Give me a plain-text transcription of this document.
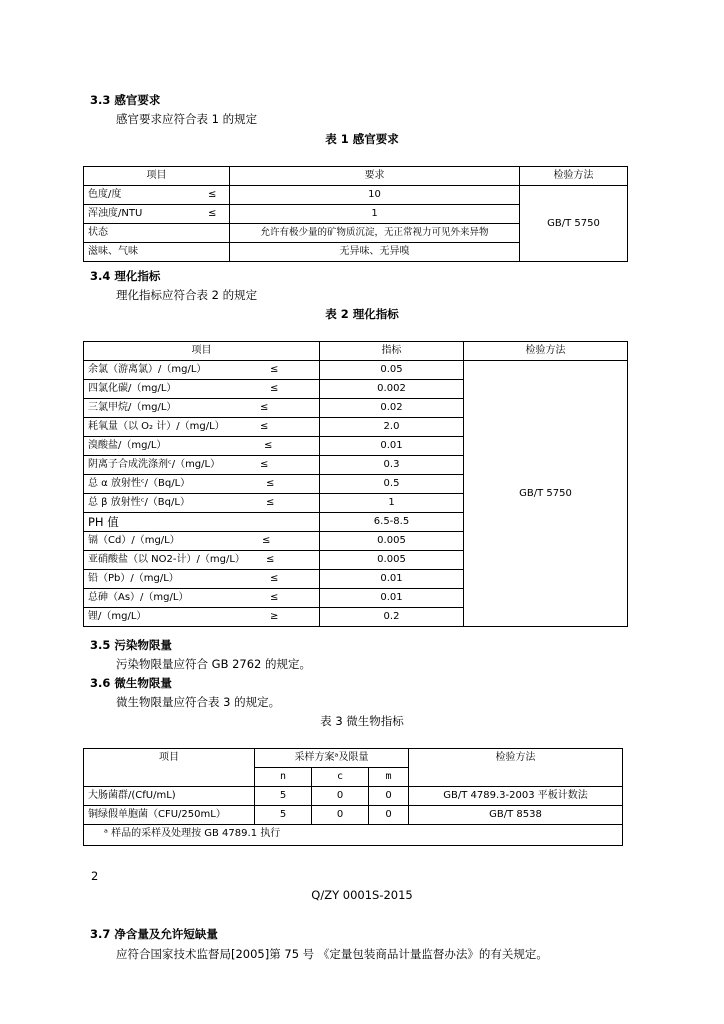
3.3 感官要求
感官要求应符合表 1 的规定
表 1 感官要求
项目	要求	检验方法
色度/度 ≤	10	GB/T 5750
浑浊度/NTU ≤	1	
状态	允许有极少量的矿物质沉淀，无正常视力可见外来异物	
滋味、气味	无异味、无异嗅	
3.4 理化指标
理化指标应符合表 2 的规定
表 2 理化指标
项目	指标	检验方法
余氯（游离氯）/（mg/L） ≤	0.05	GB/T 5750
四氯化碳/（mg/L） ≤	0.002	
三氯甲烷/（mg/L） ≤	0.02	
耗氧量（以 O₂ 计）/（mg/L） ≤	2.0	
溴酸盐/（mg/L） ≤	0.01	
阴离子合成洗涤剂ᶜ/（mg/L） ≤	0.3	
总 α 放射性ᶜ/（Bq/L） ≤	0.5	
总 β 放射性ᶜ/（Bq/L） ≤	1	
PH 值	6.5-8.5	
镉（Cd）/（mg/L） ≤	0.005	
亚硝酸盐（以 NO2-计）/（mg/L） ≤	0.005	
铅（Pb）/（mg/L） ≤	0.01	
总砷（As）/（mg/L） ≤	0.01	
锂/（mg/L） ≥	0.2	
3.5 污染物限量
污染物限量应符合 GB 2762 的规定。
3.6 微生物限量
微生物限量应符合表 3 的规定。
表 3 微生物指标
项目	采样方案ᵃ及限量			检验方法
	n	c	m	
大肠菌群/(CfU/mL)	5	0	0	GB/T 4789.3-2003 平板计数法
铜绿假单胞菌（CFU/250mL）	5	0	0	GB/T 8538
ᵃ 样品的采样及处理按 GB 4789.1 执行				
2
Q/ZY 0001S-2015
3.7 净含量及允许短缺量
应符合国家技术监督局[2005]第 75 号 《定量包装商品计量监督办法》的有关规定。
